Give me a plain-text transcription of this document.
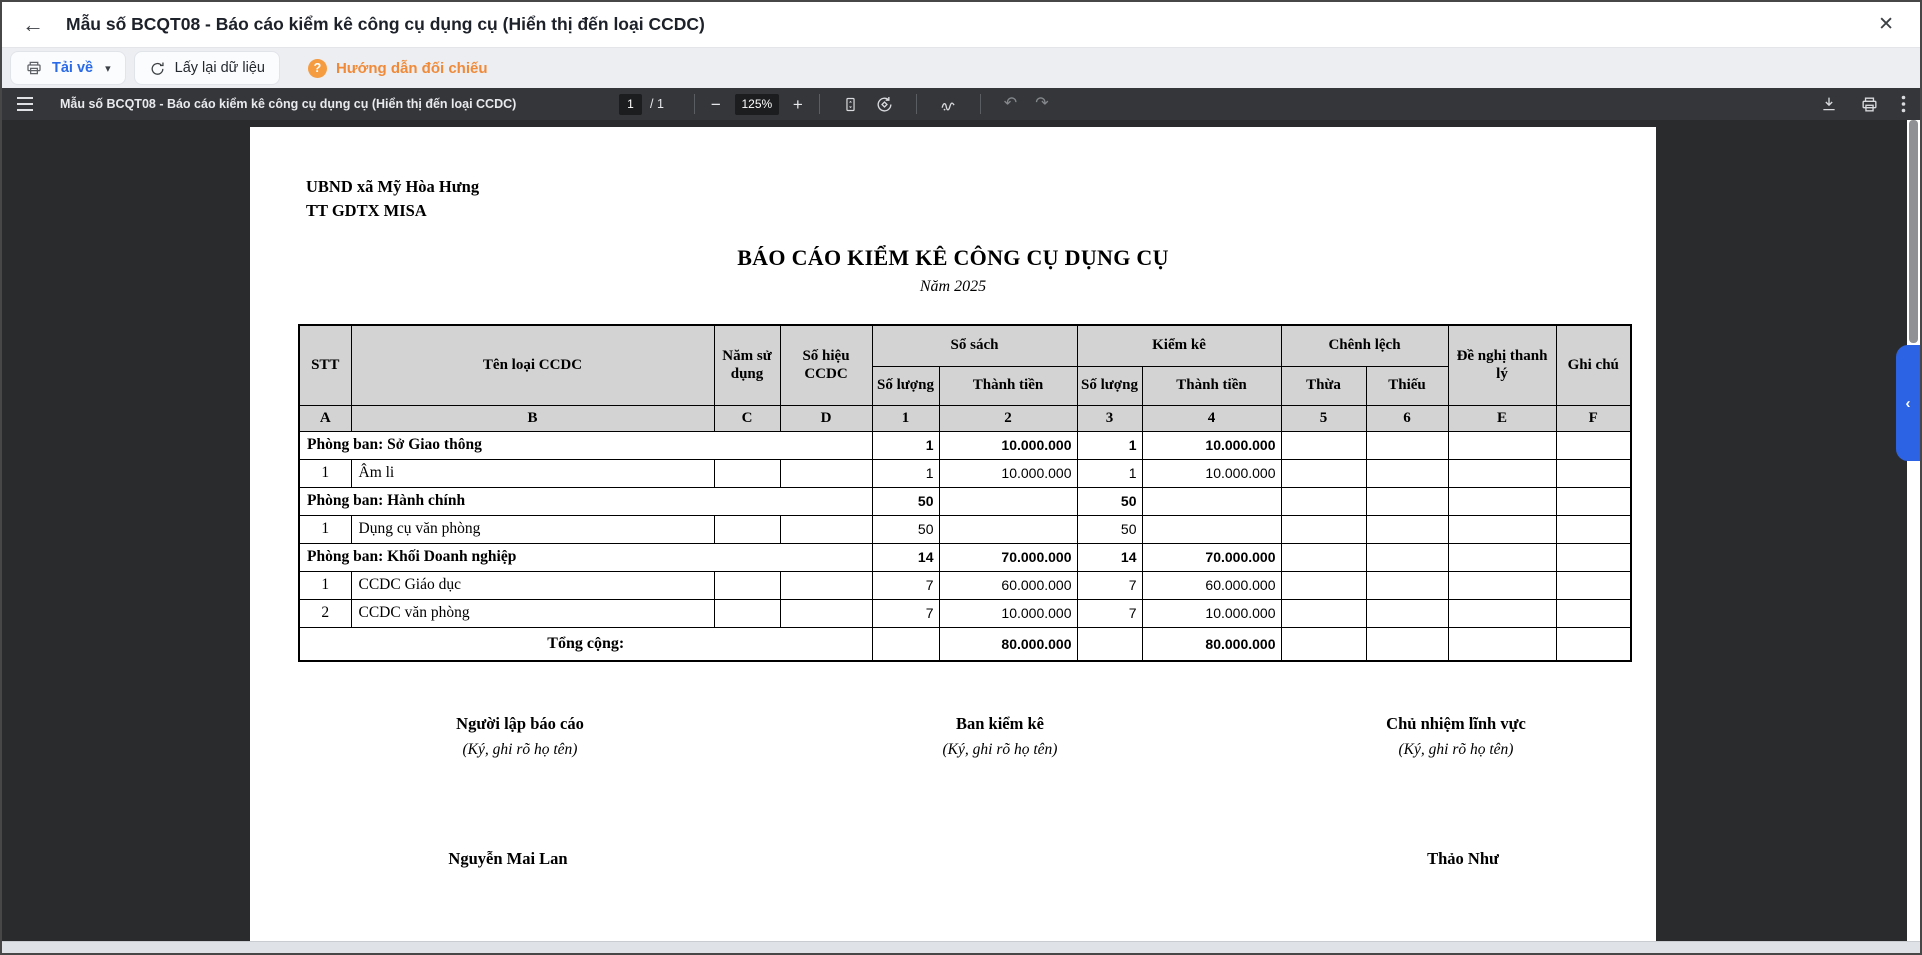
← Mẫu số BCQT08 - Báo cáo kiểm kê công cụ dụng cụ (Hiển thị đến loại CCDC)	✕
Tải về ▾	Lấy lại dữ liệu	? Hướng dẫn đối chiếu
Mẫu số BCQT08 - Báo cáo kiểm kê công cụ dụng cụ (Hiển thị đến loại CCDC)	1	/ 1	−	125%	+	↶ ↷
UBND xã Mỹ Hòa Hưng
TT GDTX MISA
BÁO CÁO KIỂM KÊ CÔNG CỤ DỤNG CỤ
Năm 2025
STT	Tên loại CCDC	Năm sử dụng	Số hiệu CCDC	Sổ sách		Kiểm kê		Chênh lệch		Đề nghị thanh lý	Ghi chú
				Số lượng	Thành tiền	Số lượng	Thành tiền	Thừa	Thiếu		
A	B	C	D	1	2	3	4	5	6	E	F
Phòng ban: Sở Giao thông				1	10.000.000	1	10.000.000				
1	Âm li			1	10.000.000	1	10.000.000				
Phòng ban: Hành chính				50		50					
1	Dụng cụ văn phòng			50		50					
Phòng ban: Khối Doanh nghiệp				14	70.000.000	14	70.000.000				
1	CCDC Giáo dục			7	60.000.000	7	60.000.000				
2	CCDC văn phòng			7	10.000.000	7	10.000.000				
Tổng cộng:					80.000.000		80.000.000				
Người lập báo cáo
(Ký, ghi rõ họ tên)
Ban kiểm kê
(Ký, ghi rõ họ tên)
Chủ nhiệm lĩnh vực
(Ký, ghi rõ họ tên)
Nguyễn Mai Lan	Thảo Như
‹
